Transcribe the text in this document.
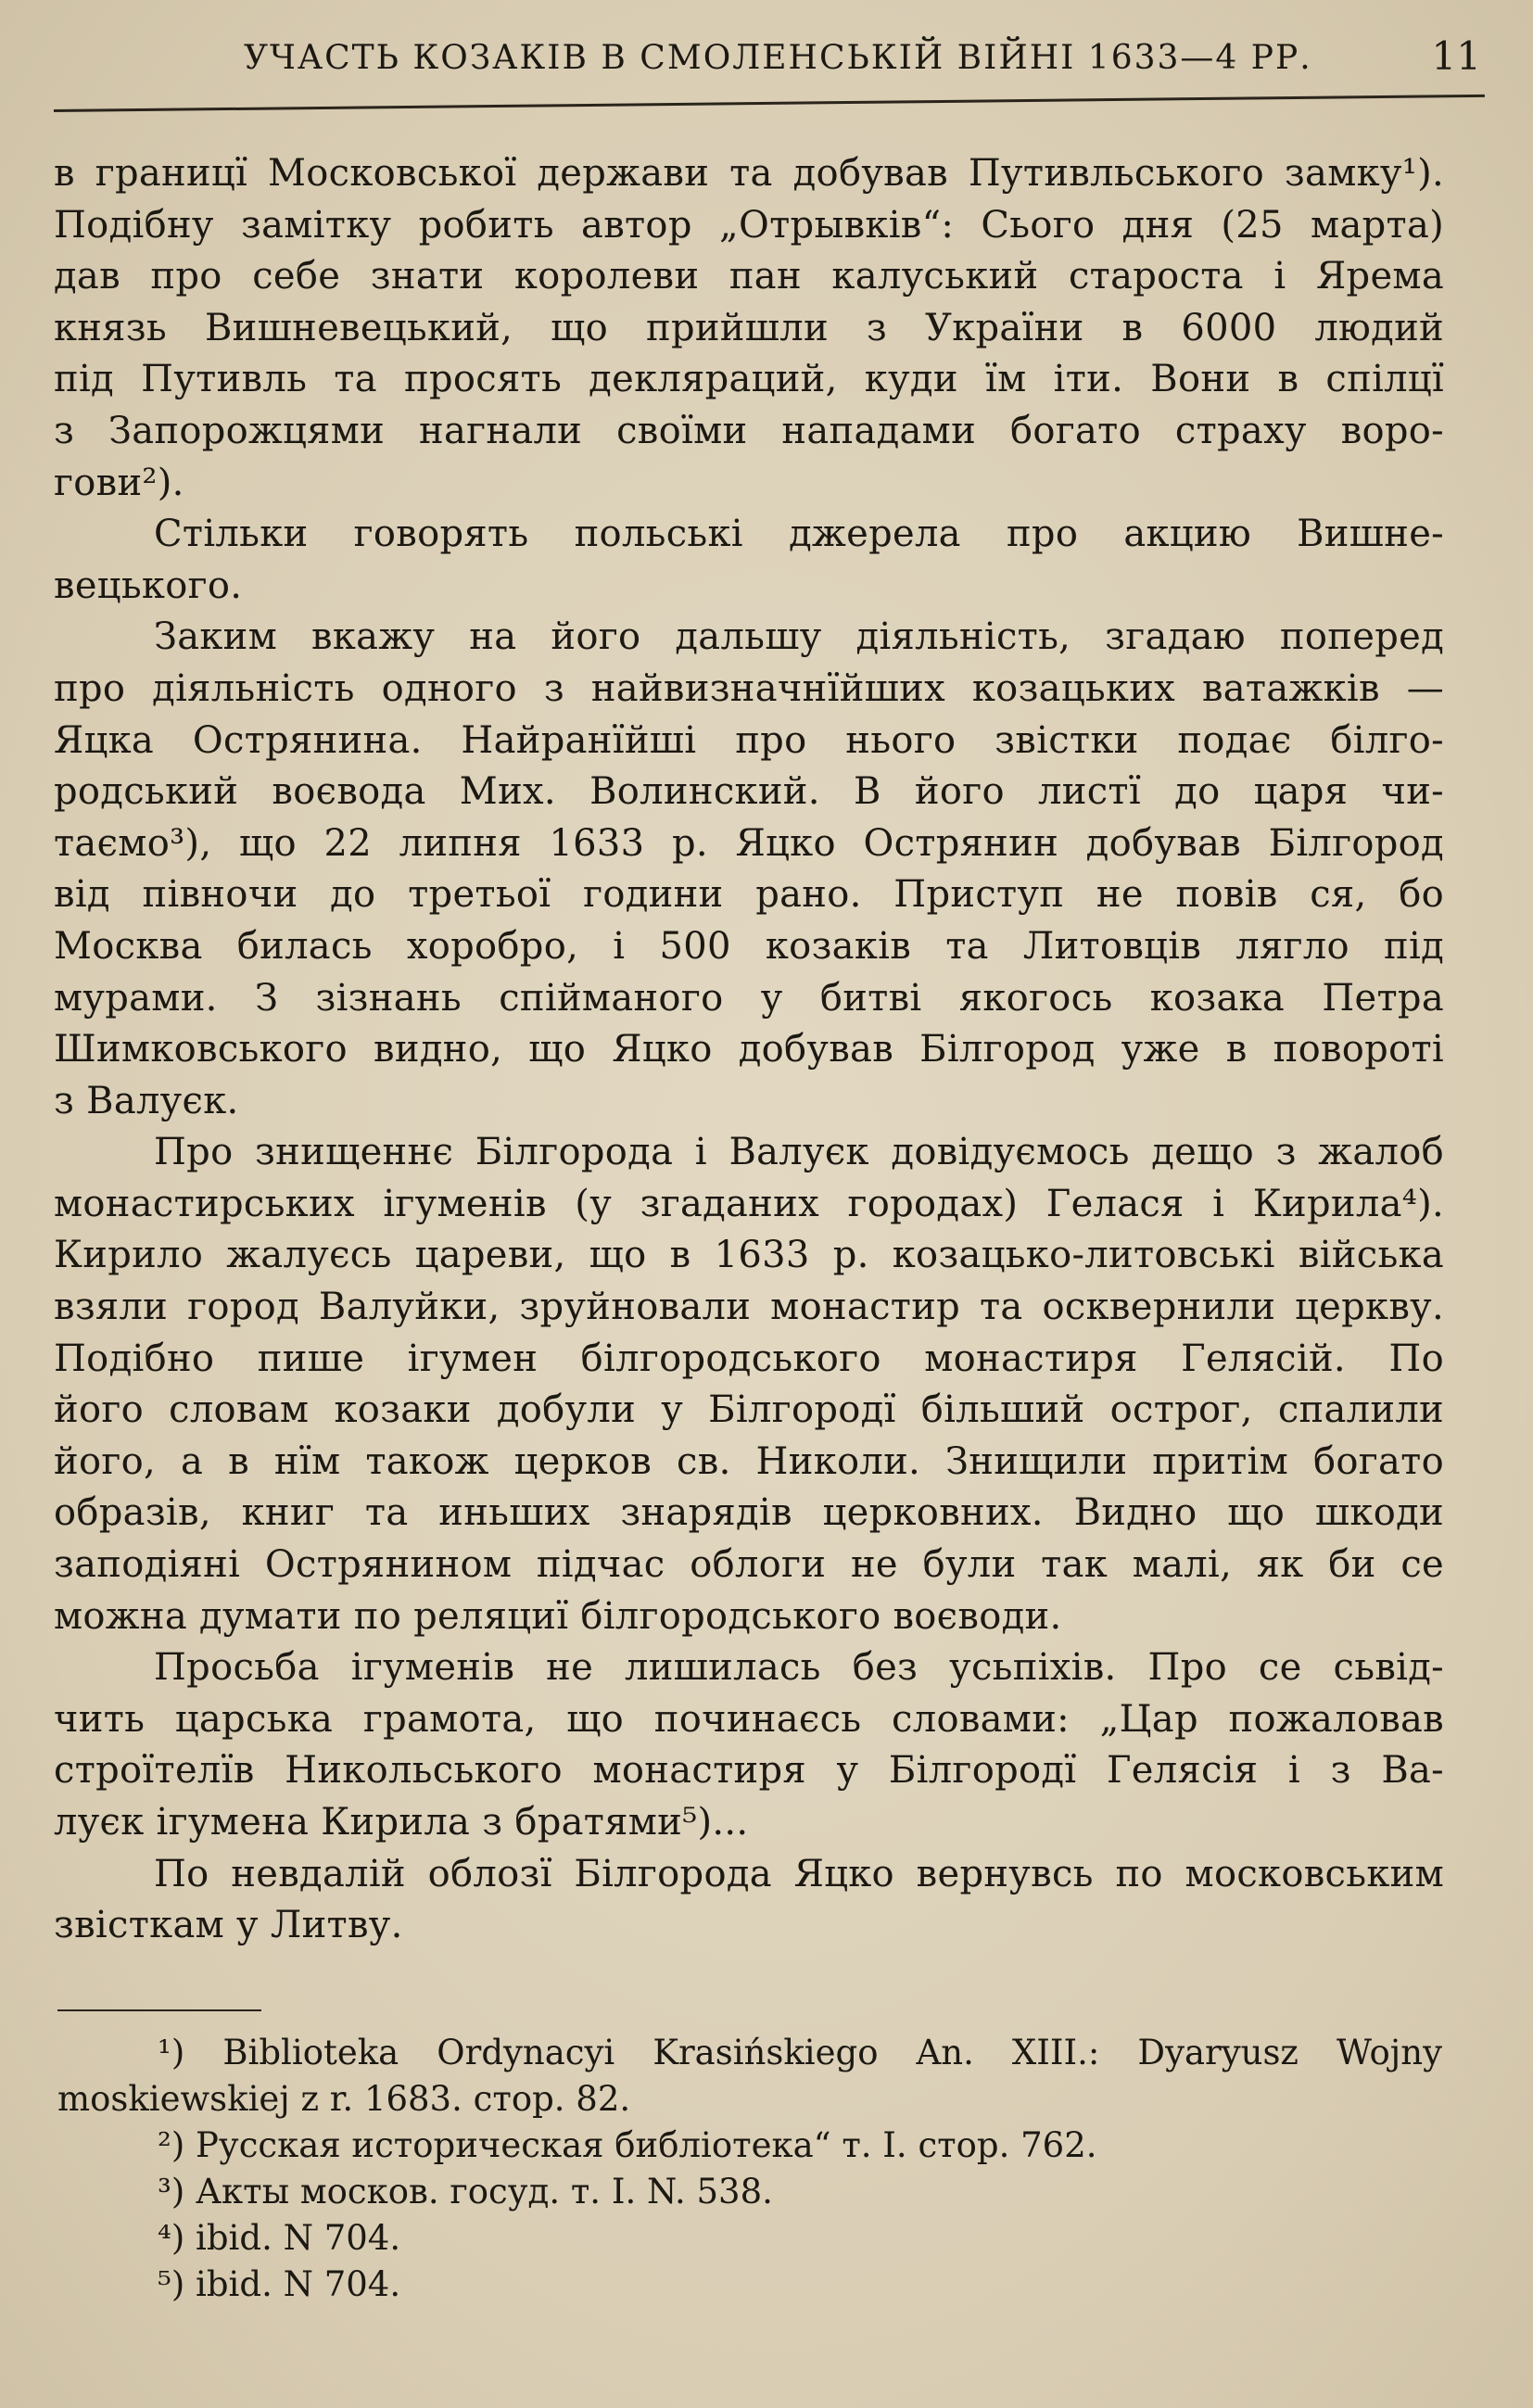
УЧАСТЬ КОЗАКІВ В СМОЛЕНСЬКІЙ ВІЙНІ 1633—4 РР.	11
в границї Московської держави та добував Путивльського замку¹).
Подібну замітку робить автор „Отрывків“: Сього дня (25 марта)
дав про себе знати королеви пан калуський староста і Ярема
князь Вишневецький, що прийшли з України в 6000 людий
під Путивль та просять декляраций, куди їм іти. Вони в спілцї
з Запорожцями нагнали своїми нападами богато страху воро-
гови²).
Стільки говорять польські джерела про акцию Вишне-
вецького.
Заким вкажу на його дальшу діяльність, згадаю поперед
про діяльність одного з найвизначнїйших козацьких ватажків —
Яцка Острянина. Найранїйші про нього звістки подає білго-
родський воєвода Мих. Волинский. В його листї до царя чи-
таємо³), що 22 липня 1633 р. Яцко Острянин добував Білгород
від півночи до третьої години рано. Приступ не повів ся, бо
Москва билась хоробро, і 500 козаків та Литовців лягло під
мурами. З зізнань спійманого у битві якогось козака Петра
Шимковського видно, що Яцко добував Білгород уже в повороті
з Валуєк.
Про знищеннє Білгорода і Валуєк довідуємось дещо з жалоб
монастирських ігуменів (у згаданих городах) Гелася і Кирила⁴).
Кирило жалуєсь царeви, що в 1633 р. козацько-литовські війська
взяли город Валуйки, зруйновали монастир та осквернили церкву.
Подібно пише ігумен білгородського монастиря Гелясій. По
його словам козаки добули у Білгородї більший острог, спалили
його, а в нїм також церков св. Николи. Знищили притім богато
образів, книг та иньших знарядів церковних. Видно що шкоди
заподіяні Острянином підчас облоги не були так малі, як би се
можна думати по реляциї білгородського воєводи.
Просьба ігуменів не лишилась без усьпіхів. Про се сьвід-
чить царська грамота, що починаєсь словами: „Цар пожаловав
строїтелїв Никольського монастиря у Білгородї Гелясія і з Ва-
луєк ігумена Кирила з братями⁵)...
По невдалій облозї Білгорода Яцко вернувсь по московським
звісткам у Литву.
¹) Biblioteka Ordynacyi Krasińskiego An. XIII.: Dyaryusz Wojny
moskiewskiej z r. 1683. стор. 82.
²) Русская историческая библіотека“ т. I. стор. 762.
³) Акты москов. госуд. т. I. N. 538.
⁴) ibid. N 704.
⁵) ibid. N 704.
